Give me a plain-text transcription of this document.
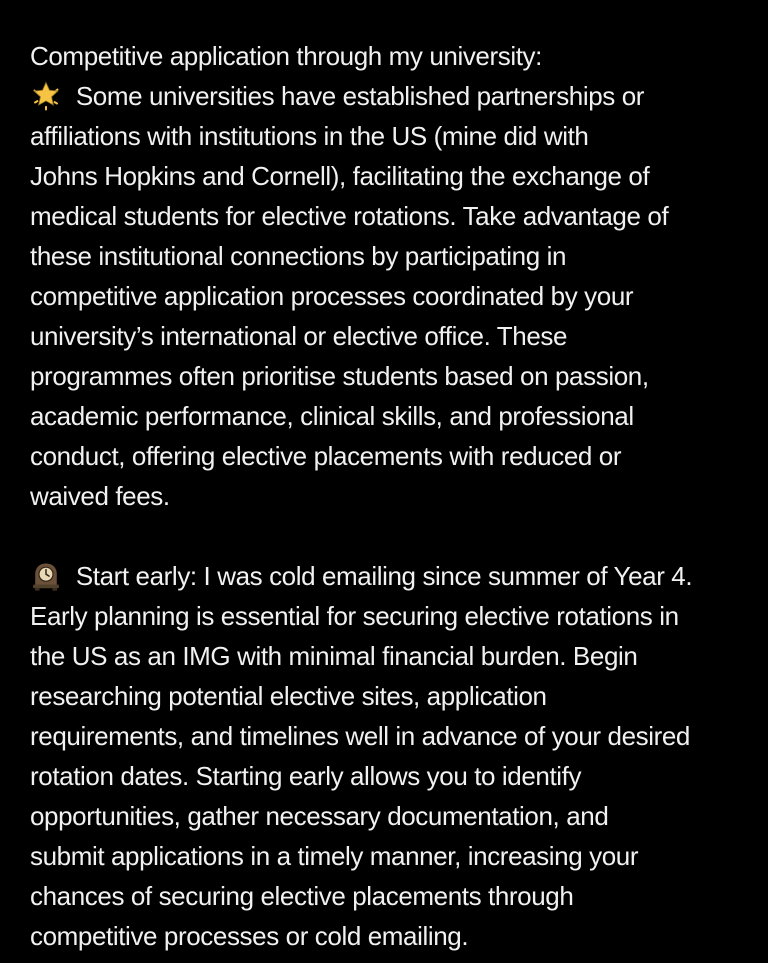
Competitive application through my university:
Some universities have established partnerships or
affiliations with institutions in the US (mine did with
Johns Hopkins and Cornell), facilitating the exchange of
medical students for elective rotations. Take advantage of
these institutional connections by participating in
competitive application processes coordinated by your
university’s international or elective office. These
programmes often prioritise students based on passion,
academic performance, clinical skills, and professional
conduct, offering elective placements with reduced or
waived fees.
Start early: I was cold emailing since summer of Year 4.
Early planning is essential for securing elective rotations in
the US as an IMG with minimal financial burden. Begin
researching potential elective sites, application
requirements, and timelines well in advance of your desired
rotation dates. Starting early allows you to identify
opportunities, gather necessary documentation, and
submit applications in a timely manner, increasing your
chances of securing elective placements through
competitive processes or cold emailing.
